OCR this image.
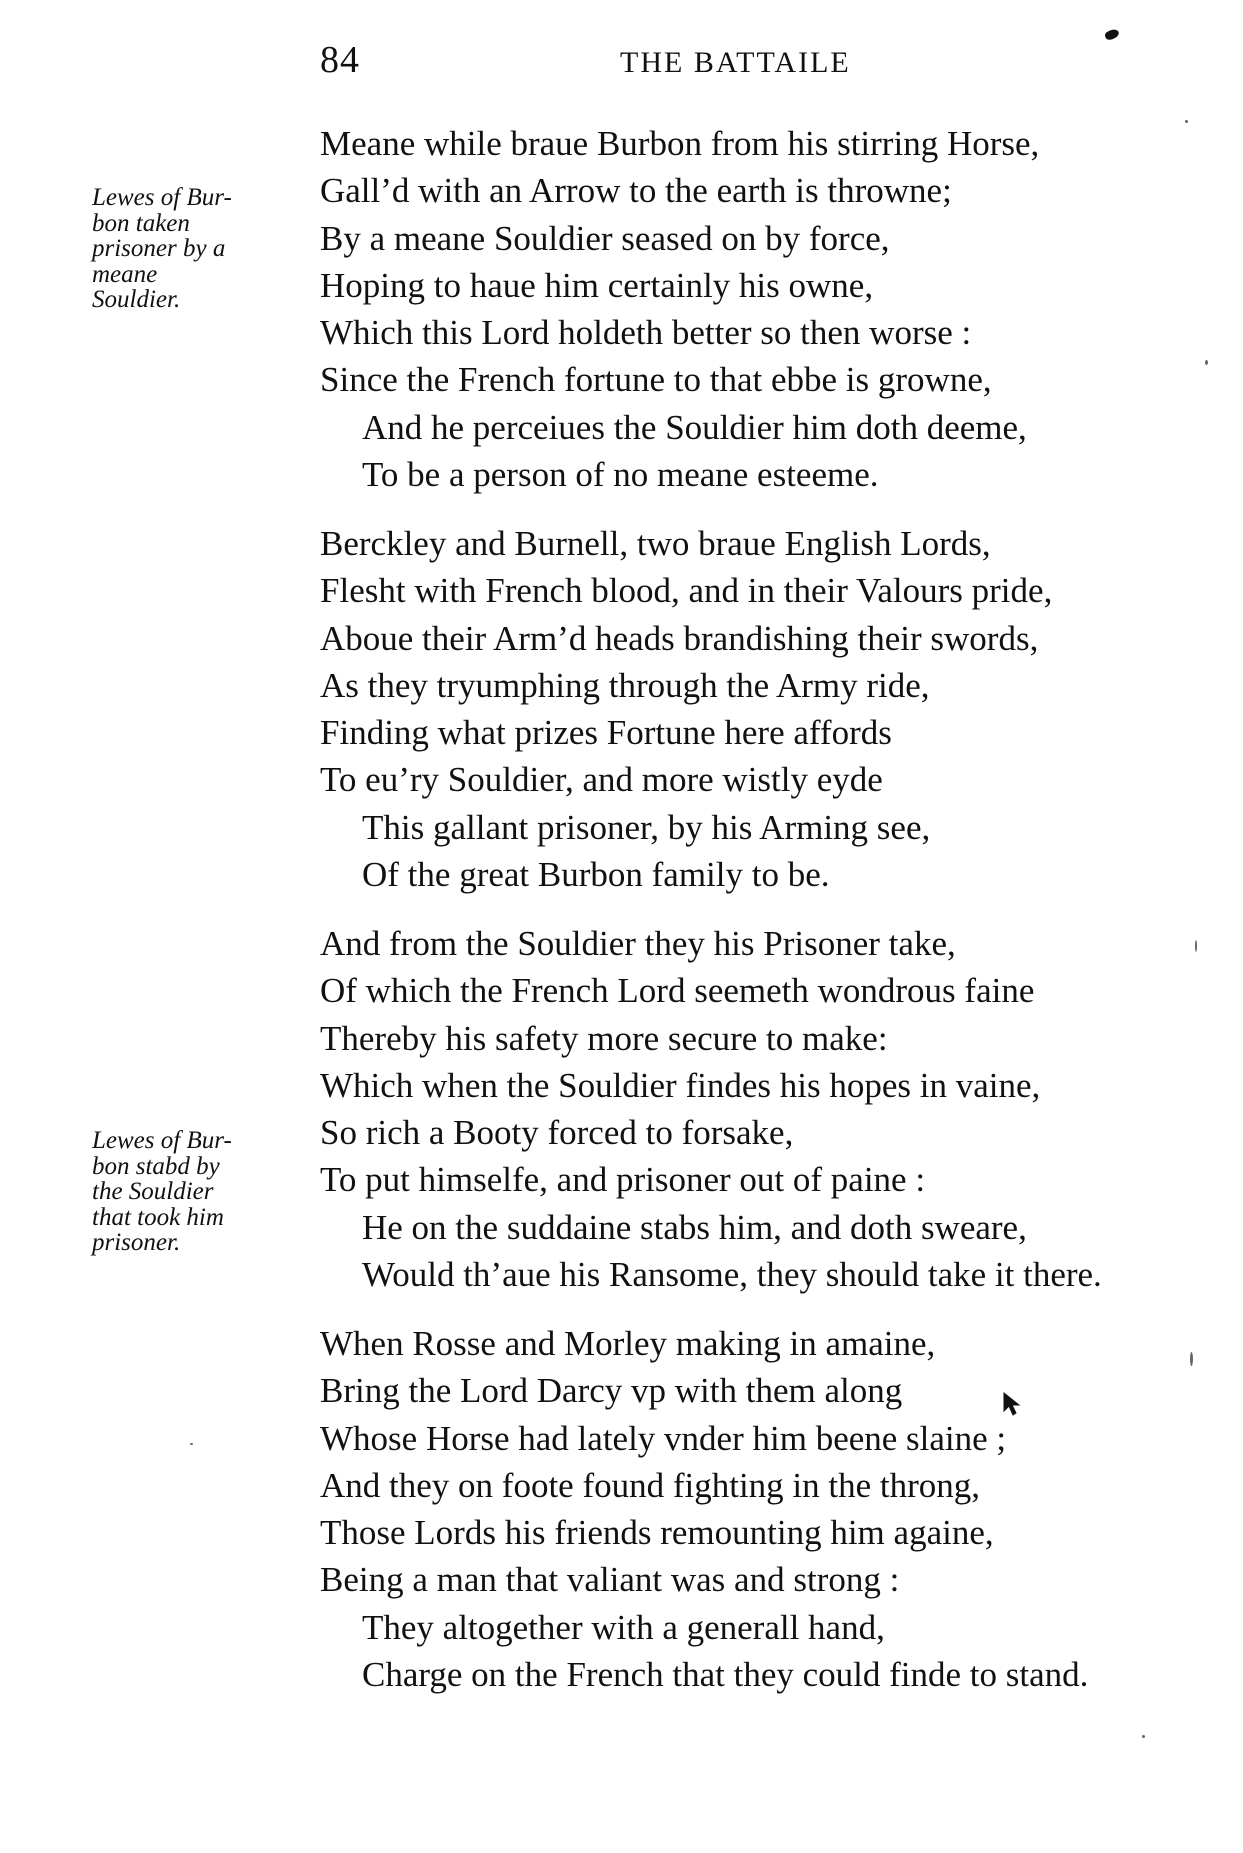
84	THE BATTAILE
Lewes of Bur-
bon taken
prisoner by a
meane
Souldier.
Lewes of Bur-
bon stabd by
the Souldier
that took him
prisoner.
Meane while braue Burbon from his stirring Horse,
Gall’d with an Arrow to the earth is throwne;
By a meane Souldier seased on by force,
Hoping to haue him certainly his owne,
Which this Lord holdeth better so then worse :
Since the French fortune to that ebbe is growne,
And he perceiues the Souldier him doth deeme,
To be a person of no meane esteeme.
Berckley and Burnell, two braue English Lords,
Flesht with French blood, and in their Valours pride,
Aboue their Arm’d heads brandishing their swords,
As they tryumphing through the Army ride,
Finding what prizes Fortune here affords
To eu’ry Souldier, and more wistly eyde
This gallant prisoner, by his Arming see,
Of the great Burbon family to be.
And from the Souldier they his Prisoner take,
Of which the French Lord seemeth wondrous faine
Thereby his safety more secure to make:
Which when the Souldier findes his hopes in vaine,
So rich a Booty forced to forsake,
To put himselfe, and prisoner out of paine :
He on the suddaine stabs him, and doth sweare,
Would th’aue his Ransome, they should take it there.
When Rosse and Morley making in amaine,
Bring the Lord Darcy vp with them along
Whose Horse had lately vnder him beene slaine ;
And they on foote found fighting in the throng,
Those Lords his friends remounting him againe,
Being a man that valiant was and strong :
They altogether with a generall hand,
Charge on the French that they could finde to stand.
